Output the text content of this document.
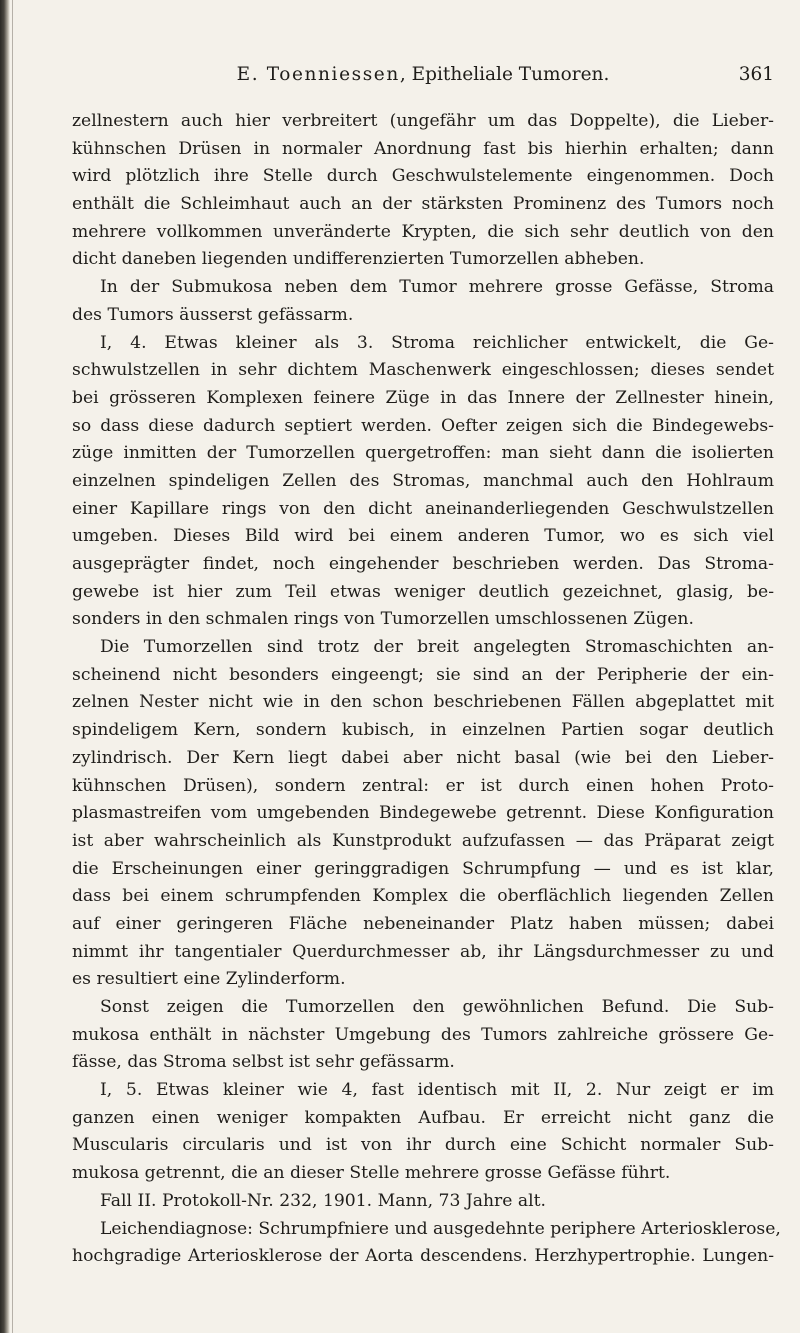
E. Toenniessen, Epitheliale Tumoren.	361
zellnestern auch hier verbreitert (ungefähr um das Doppelte), die Lieber-
kühnschen Drüsen in normaler Anordnung fast bis hierhin erhalten; dann
wird plötzlich ihre Stelle durch Geschwulstelemente eingenommen. Doch
enthält die Schleimhaut auch an der stärksten Prominenz des Tumors noch
mehrere vollkommen unveränderte Krypten, die sich sehr deutlich von den
dicht daneben liegenden undifferenzierten Tumorzellen abheben.
In der Submukosa neben dem Tumor mehrere grosse Gefässe, Stroma
des Tumors äusserst gefässarm.
I, 4. Etwas kleiner als 3. Stroma reichlicher entwickelt, die Ge-
schwulstzellen in sehr dichtem Maschenwerk eingeschlossen; dieses sendet
bei grösseren Komplexen feinere Züge in das Innere der Zellnester hinein,
so dass diese dadurch septiert werden. Oefter zeigen sich die Bindegewebs-
züge inmitten der Tumorzellen quergetroffen: man sieht dann die isolierten
einzelnen spindeligen Zellen des Stromas, manchmal auch den Hohlraum
einer Kapillare rings von den dicht aneinanderliegenden Geschwulstzellen
umgeben. Dieses Bild wird bei einem anderen Tumor, wo es sich viel
ausgeprägter findet, noch eingehender beschrieben werden. Das Stroma-
gewebe ist hier zum Teil etwas weniger deutlich gezeichnet, glasig, be-
sonders in den schmalen rings von Tumorzellen umschlossenen Zügen.
Die Tumorzellen sind trotz der breit angelegten Stromaschichten an-
scheinend nicht besonders eingeengt; sie sind an der Peripherie der ein-
zelnen Nester nicht wie in den schon beschriebenen Fällen abgeplattet mit
spindeligem Kern, sondern kubisch, in einzelnen Partien sogar deutlich
zylindrisch. Der Kern liegt dabei aber nicht basal (wie bei den Lieber-
kühnschen Drüsen), sondern zentral: er ist durch einen hohen Proto-
plasmastreifen vom umgebenden Bindegewebe getrennt. Diese Konfiguration
ist aber wahrscheinlich als Kunstprodukt aufzufassen — das Präparat zeigt
die Erscheinungen einer geringgradigen Schrumpfung — und es ist klar,
dass bei einem schrumpfenden Komplex die oberflächlich liegenden Zellen
auf einer geringeren Fläche nebeneinander Platz haben müssen; dabei
nimmt ihr tangentialer Querdurchmesser ab, ihr Längsdurchmesser zu und
es resultiert eine Zylinderform.
Sonst zeigen die Tumorzellen den gewöhnlichen Befund. Die Sub-
mukosa enthält in nächster Umgebung des Tumors zahlreiche grössere Ge-
fässe, das Stroma selbst ist sehr gefässarm.
I, 5. Etwas kleiner wie 4, fast identisch mit II, 2. Nur zeigt er im
ganzen einen weniger kompakten Aufbau. Er erreicht nicht ganz die
Muscularis circularis und ist von ihr durch eine Schicht normaler Sub-
mukosa getrennt, die an dieser Stelle mehrere grosse Gefässe führt.
Fall II. Protokoll-Nr. 232, 1901. Mann, 73 Jahre alt.
Leichendiagnose: Schrumpfniere und ausgedehnte periphere Arteriosklerose,
hochgradige Arteriosklerose der Aorta descendens. Herzhypertrophie. Lungen-
